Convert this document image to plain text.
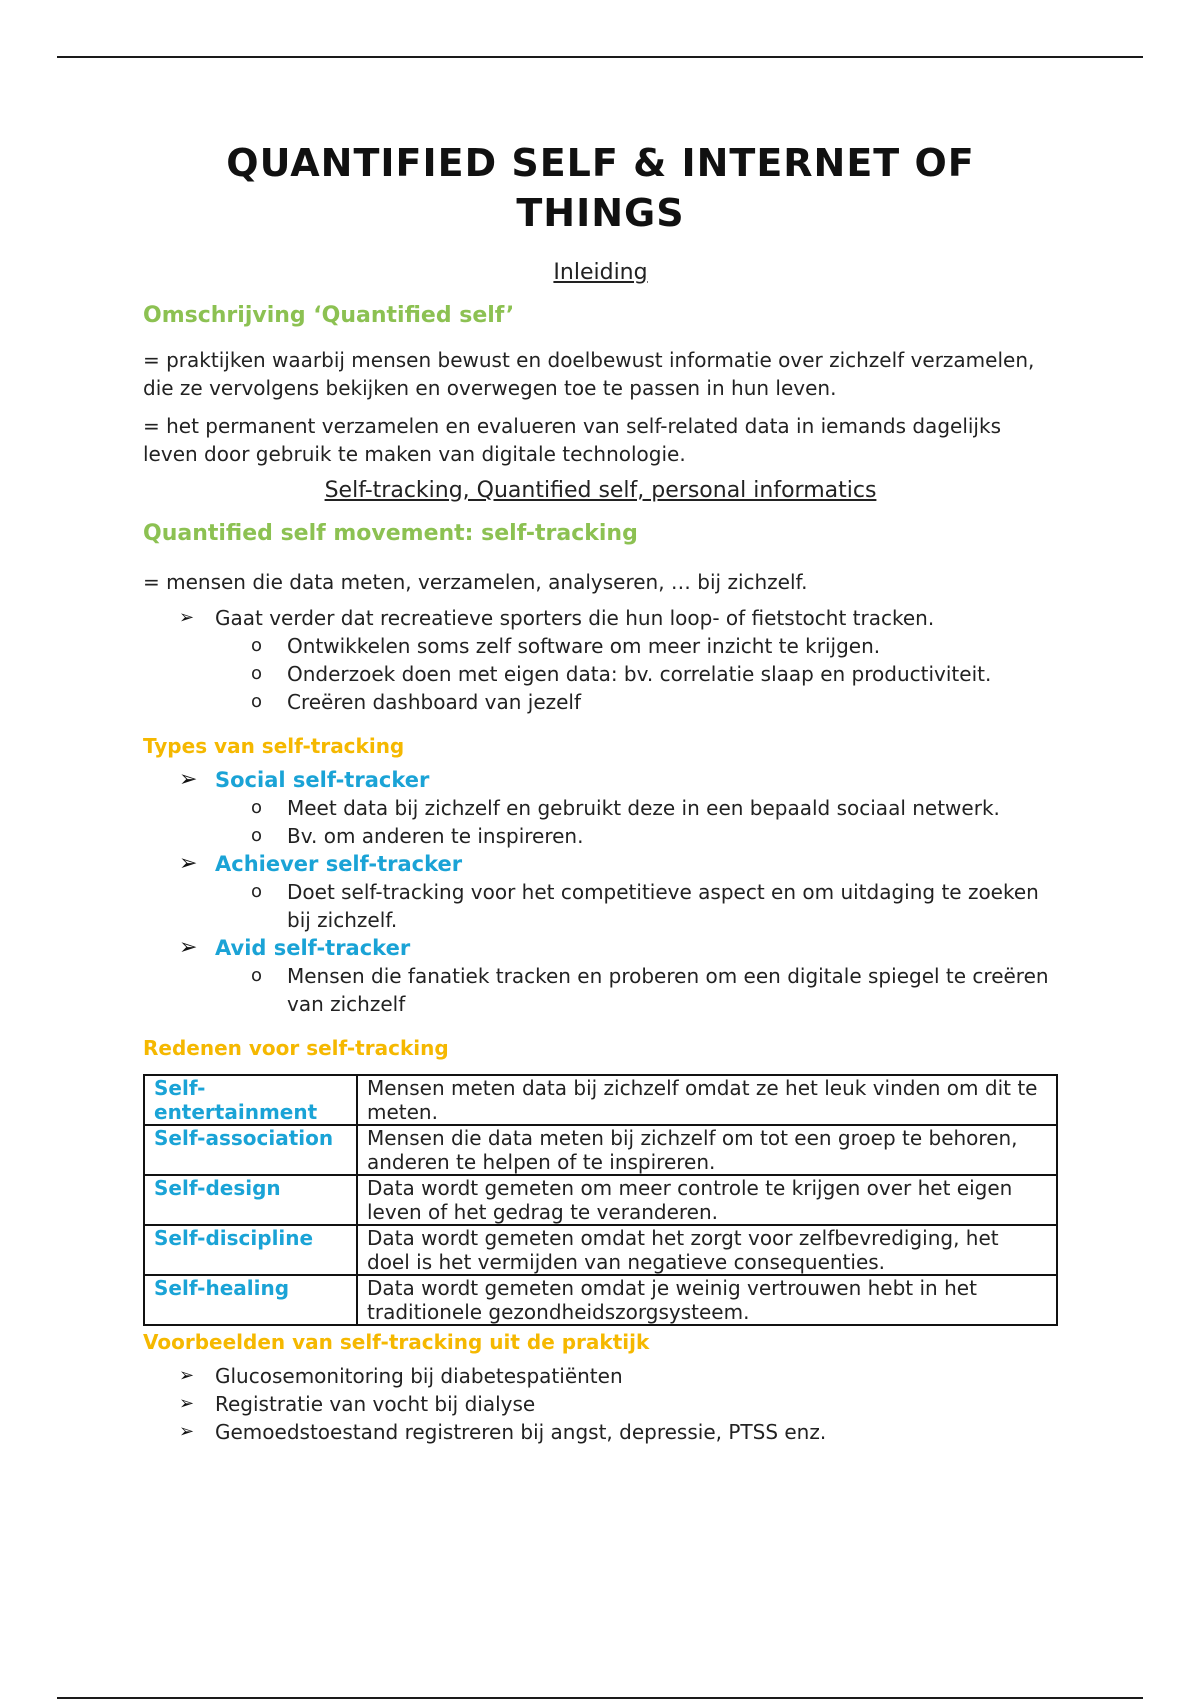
QUANTIFIED SELF & INTERNET OF THINGS
Inleiding
Omschrijving ‘Quantified self’

= praktijken waarbij mensen bewust en doelbewust informatie over zichzelf verzamelen, die ze vervolgens bekijken en overwegen toe te passen in hun leven.

= het permanent verzamelen en evalueren van self-related data in iemands dagelijks leven door gebruik te maken van digitale technologie.

Self-tracking, Quantified self, personal informatics
Quantified self movement: self-tracking

= mensen die data meten, verzamelen, analyseren, … bij zichzelf.

➢ Gaat verder dat recreatieve sporters die hun loop- of fietstocht tracken.
o Ontwikkelen soms zelf software om meer inzicht te krijgen.
o Onderzoek doen met eigen data: bv. correlatie slaap en productiviteit.
o Creëren dashboard van jezelf
Types van self-tracking
➢ Social self-tracker
o Meet data bij zichzelf en gebruikt deze in een bepaald sociaal netwerk.
o Bv. om anderen te inspireren.
➢ Achiever self-tracker
o Doet self-tracking voor het competitieve aspect en om uitdaging te zoeken bij zichzelf.
➢ Avid self-tracker
o Mensen die fanatiek tracken en proberen om een digitale spiegel te creëren van zichzelf
Redenen voor self-tracking
Self-entertainment	Mensen meten data bij zichzelf omdat ze het leuk vinden om dit te meten.
Self-association	Mensen die data meten bij zichzelf om tot een groep te behoren, anderen te helpen of te inspireren.
Self-design	Data wordt gemeten om meer controle te krijgen over het eigen leven of het gedrag te veranderen.
Self-discipline	Data wordt gemeten omdat het zorgt voor zelfbevrediging, het doel is het vermijden van negatieve consequenties.
Self-healing	Data wordt gemeten omdat je weinig vertrouwen hebt in het traditionele gezondheidszorgsysteem.
Voorbeelden van self-tracking uit de praktijk
➢ Glucosemonitoring bij diabetespatiënten
➢ Registratie van vocht bij dialyse
➢ Gemoedstoestand registreren bij angst, depressie, PTSS enz.
